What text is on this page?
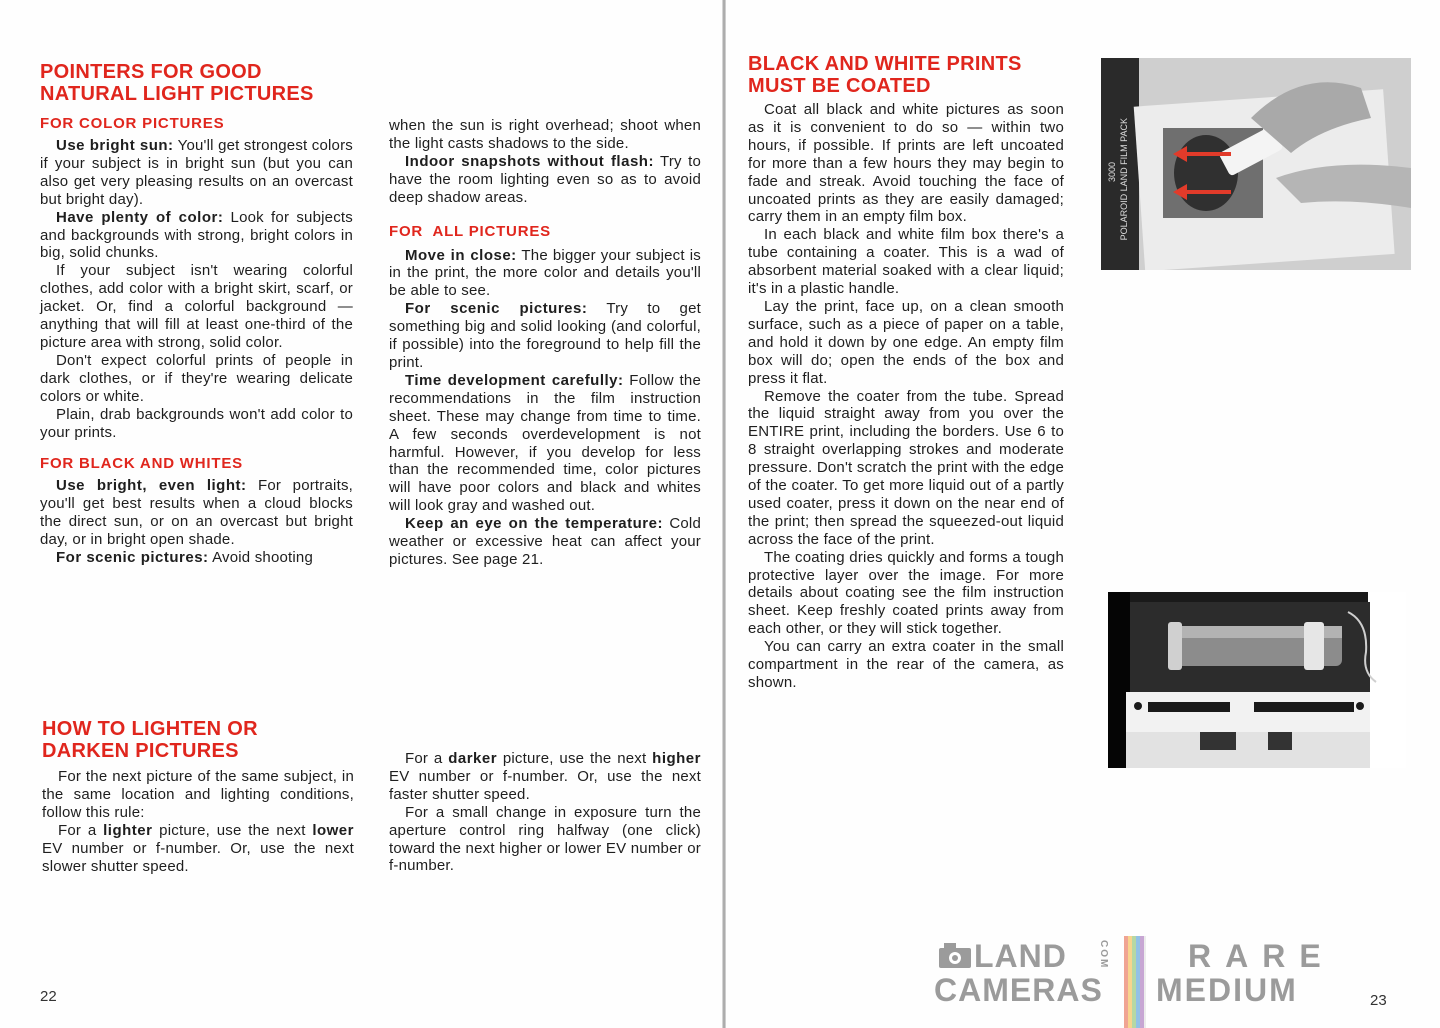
POINTERS FOR GOOD
NATURAL LIGHT PICTURES
FOR COLOR PICTURES

Use bright sun: You'll get strongest colors if your subject is in bright sun (but you can also get very pleasing results on an overcast but bright day).

Have plenty of color: Look for subjects and backgrounds with strong, bright colors in big, solid chunks.

If your subject isn't wearing colorful clothes, add color with a bright skirt, scarf, or jacket. Or, find a colorful background — anything that will fill at least one-third of the picture area with strong, solid color.

Don't expect colorful prints of people in dark clothes, or if they're wearing delicate colors or white.

Plain, drab backgrounds won't add color to your prints.

FOR BLACK AND WHITES

Use bright, even light: For portraits, you'll get best results when a cloud blocks the direct sun, or on an overcast but bright day, or in bright open shade.

For scenic pictures: Avoid shooting

when the sun is right overhead; shoot when the light casts shadows to the side.

Indoor snapshots without flash: Try to have the room lighting even so as to avoid deep shadow areas.

FOR  ALL PICTURES

Move in close: The bigger your subject is in the print, the more color and details you'll be able to see.

For scenic pictures: Try to get something big and solid looking (and colorful, if possible) into the foreground to help fill the print.

Time development carefully: Follow the recommendations in the film instruction sheet. These may change from time to time. A few seconds overdevelopment is not harmful. However, if you develop for less than the recommended time, color pictures will have poor colors and black and whites will look gray and washed out.

Keep an eye on the temperature: Cold weather or excessive heat can affect your pictures. See page 21.

HOW TO LIGHTEN OR
DARKEN PICTURES

For the next picture of the same subject, in the same location and lighting conditions, follow this rule:

For a lighter picture, use the next lower EV number or f-number. Or, use the next slower shutter speed.

For a darker picture, use the next higher EV number or f-number. Or, use the next faster shutter speed.

For a small change in exposure turn the aperture control ring halfway (one click) toward the next higher or lower EV number or f-number.

22
BLACK AND WHITE PRINTS
MUST BE COATED

Coat all black and white pictures as soon as it is convenient to do so — within two hours, if possible. If prints are left uncoated for more than a few hours they may begin to fade and streak. Avoid touching the face of uncoated prints as they are easily damaged; carry them in an empty film box.

In each black and white film box there's a tube containing a coater. This is a wad of absorbent material soaked with a clear liquid; it's in a plastic handle.

Lay the print, face up, on a clean smooth surface, such as a piece of paper on a table, and hold it down by one edge. An empty film box will do; open the ends of the box and press it flat.

Remove the coater from the tube. Spread the liquid straight away from you over the ENTIRE print, including the borders. Use 6 to 8 straight overlapping strokes and moderate pressure. Don't scratch the print with the edge of the coater. To get more liquid out of a partly used coater, press it down on the near end of the print; then spread the squeezed-out liquid across the face of the print.

The coating dries quickly and forms a tough protective layer over the image. For more details about coating see the film instruction sheet. Keep freshly coated prints away from each other, or they will stick together.

You can carry an extra coater in the small compartment in the rear of the camera, as shown.

3000 POLAROID LAND FILM PACK
LAND
CAMERAS
COM RARE
MEDIUM	23
